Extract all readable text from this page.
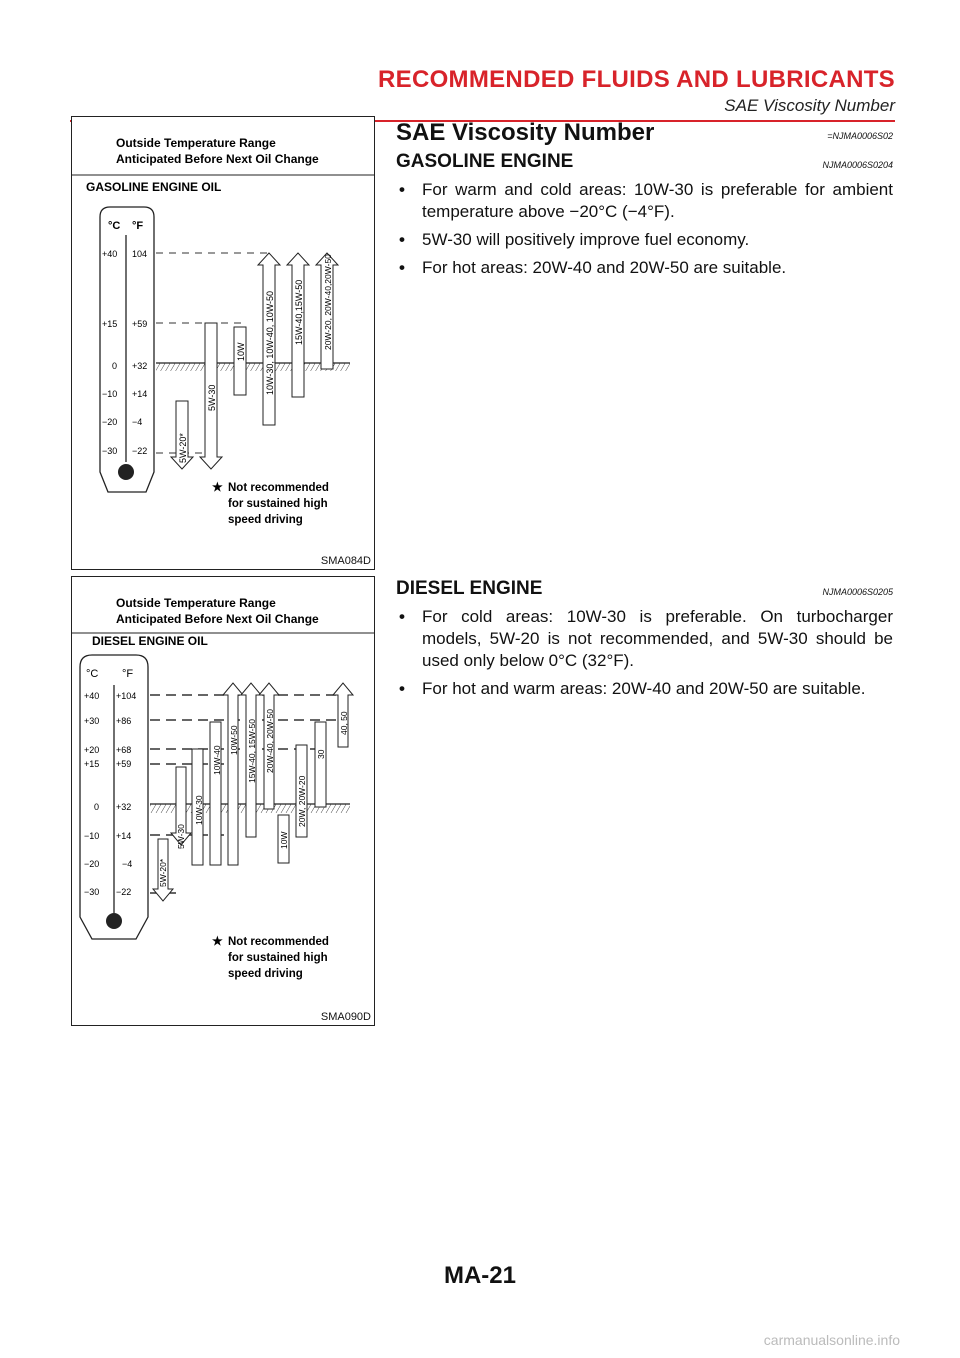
RECOMMENDED FLUIDS AND LUBRICANTS
SAE Viscosity Number
Outside Temperature Range
Anticipated Before Next Oil Change
GASOLINE ENGINE OIL
°C °F
+40
+15
0
−10
−20
−30
104
+59
+32
+14
−4
−22	5W-20*
5W-30
10W 10W-30, 10W-40, 10W-50 15W-40,15W-50 20W-20, 20W-40,20W-50
★ Not recommended
for sustained high
speed driving
SMA084D
Outside Temperature Range
Anticipated Before Next Oil Change
DIESEL ENGINE OIL
°C °F
+40
+30
+20
+15
0
−10
−20
−30
+104
+86
+68
+59
+32
+14
−4
−22
5W-20*
5W-30
10W-30
10W-40
10W-50 15W-40, 15W-50 20W-40, 20W-50
10W
20W, 20W-20
30
40, 50
★ Not recommended
for sustained high
speed driving
SMA090D
SAE Viscosity Number	=NJMA0006S02
GASOLINE ENGINE	NJMA0006S0204
• For warm and cold areas: 10W-30 is preferable for ambient temperature above −20°C (−4°F).
• 5W-30 will positively improve fuel economy.
• For hot areas: 20W-40 and 20W-50 are suitable.
DIESEL ENGINE	NJMA0006S0205
• For cold areas: 10W-30 is preferable. On turbocharger models, 5W-20 is not recommended, and 5W-30 should be used only below 0°C (32°F).
• For hot and warm areas: 20W-40 and 20W-50 are suitable.
MA-21
carmanualsonline.info
